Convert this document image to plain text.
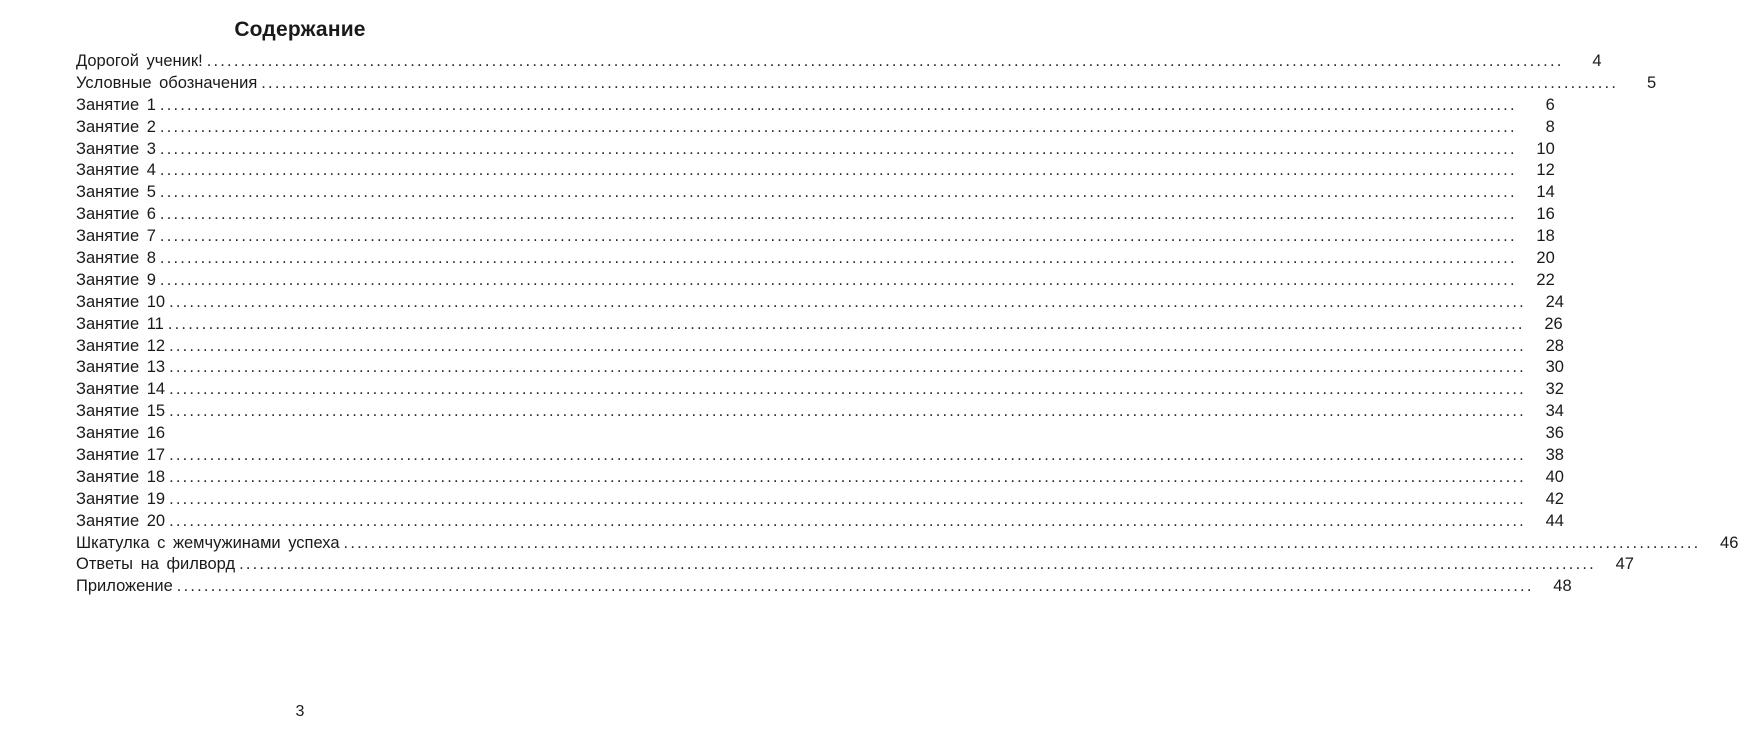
Содержание
Дорогой ученик! ........................................................................................................................................................................................................	4
Условные обозначения ........................................................................................................................................................................................................	5
Занятие 1 ........................................................................................................................................................................................................	6
Занятие 2 ........................................................................................................................................................................................................	8
Занятие 3 ........................................................................................................................................................................................................	10
Занятие 4 ........................................................................................................................................................................................................	12
Занятие 5 ........................................................................................................................................................................................................	14
Занятие 6 ........................................................................................................................................................................................................	16
Занятие 7 ........................................................................................................................................................................................................	18
Занятие 8 ........................................................................................................................................................................................................	20
Занятие 9 ........................................................................................................................................................................................................	22
Занятие 10 ........................................................................................................................................................................................................	24
Занятие 11 ........................................................................................................................................................................................................	26
Занятие 12 ........................................................................................................................................................................................................	28
Занятие 13 ........................................................................................................................................................................................................	30
Занятие 14 ........................................................................................................................................................................................................	32
Занятие 15 ........................................................................................................................................................................................................	34
Занятие 16	36
Занятие 17 ........................................................................................................................................................................................................	38
Занятие 18 ........................................................................................................................................................................................................	40
Занятие 19 ........................................................................................................................................................................................................	42
Занятие 20 ........................................................................................................................................................................................................	44
Шкатулка с жемчужинами успеха ........................................................................................................................................................................................................	46
Ответы на филворд ........................................................................................................................................................................................................	47
Приложение ........................................................................................................................................................................................................	48
3
